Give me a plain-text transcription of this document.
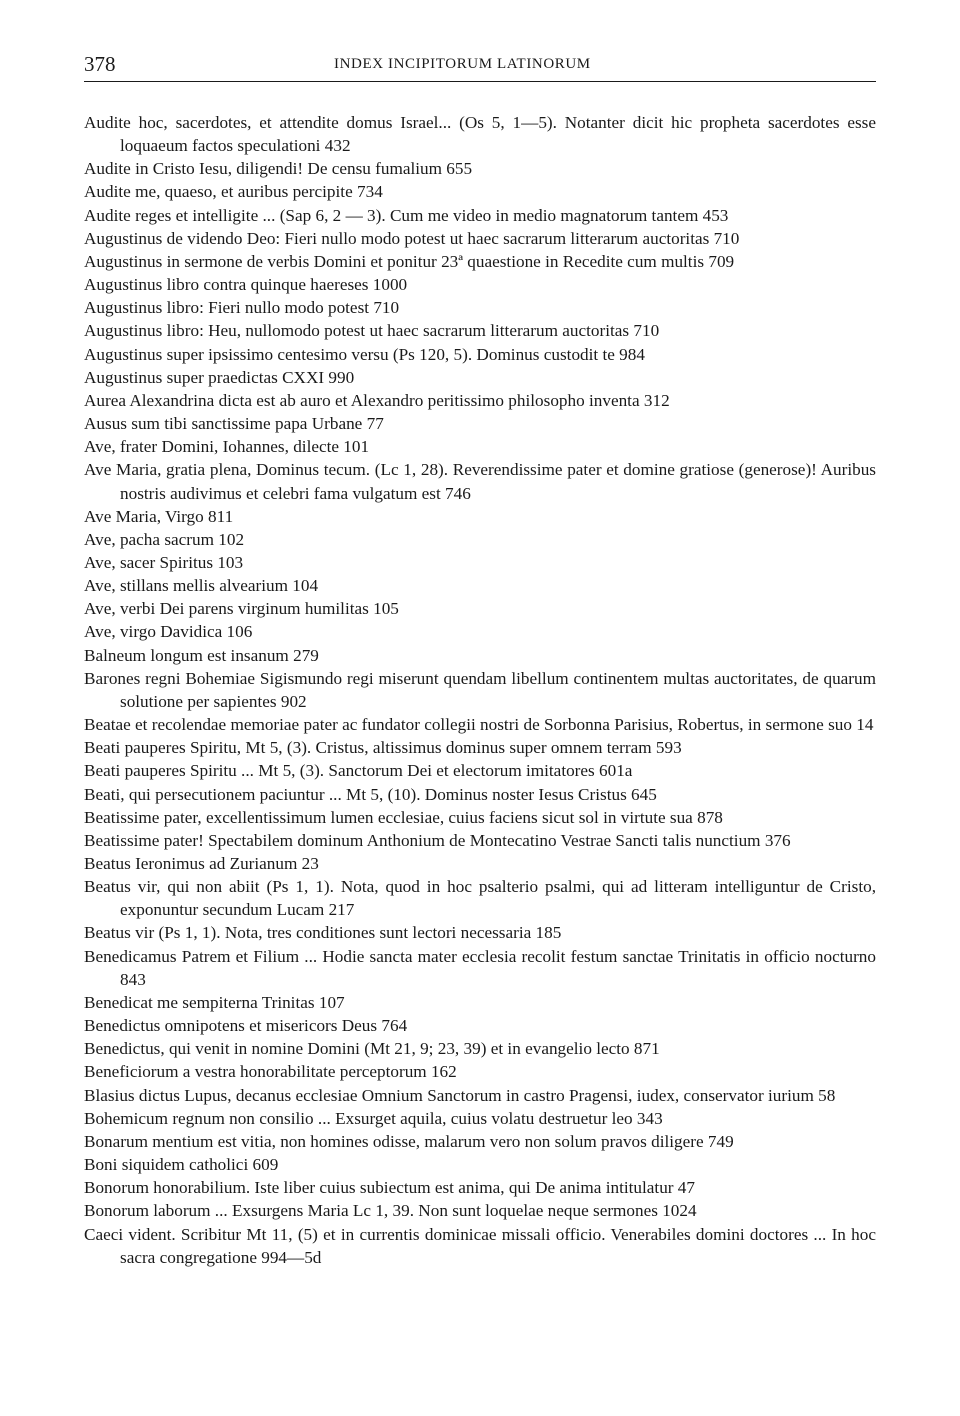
378	INDEX INCIPITORUM LATINORUM
Audite hoc, sacerdotes, et attendite domus Israel... (Os 5, 1—5). Notanter dicit hic propheta sacerdotes esse loquaeum factos speculationi 432
Audite in Cristo Iesu, diligendi! De censu fumalium 655
Audite me, quaeso, et auribus percipite 734
Audite reges et intelligite ... (Sap 6, 2 — 3). Cum me video in medio magnatorum tantem 453
Augustinus de videndo Deo: Fieri nullo modo potest ut haec sacrarum litterarum auctoritas 710
Augustinus in sermone de verbis Domini et ponitur 23ª quaestione in Recedite cum multis 709
Augustinus libro contra quinque haereses 1000
Augustinus libro: Fieri nullo modo potest 710
Augustinus libro: Heu, nullomodo potest ut haec sacrarum litterarum auctoritas 710
Augustinus super ipsissimo centesimo versu (Ps 120, 5). Dominus custodit te 984
Augustinus super praedictas CXXI 990
Aurea Alexandrina dicta est ab auro et Alexandro peritissimo philosopho inventa 312
Ausus sum tibi sanctissime papa Urbane 77
Ave, frater Domini, Iohannes, dilecte 101
Ave Maria, gratia plena, Dominus tecum. (Lc 1, 28). Reverendissime pater et domine gratiose (generose)! Auribus nostris audivimus et celebri fama vulgatum est 746
Ave Maria, Virgo 811
Ave, pacha sacrum 102
Ave, sacer Spiritus 103
Ave, stillans mellis alvearium 104
Ave, verbi Dei parens virginum humilitas 105
Ave, virgo Davidica 106
Balneum longum est insanum 279
Barones regni Bohemiae Sigismundo regi miserunt quendam libellum continentem multas auctoritates, de quarum solutione per sapientes 902
Beatae et recolendae memoriae pater ac fundator collegii nostri de Sorbonna Parisius, Robertus, in sermone suo 14
Beati pauperes Spiritu, Mt 5, (3). Cristus, altissimus dominus super omnem terram 593
Beati pauperes Spiritu ... Mt 5, (3). Sanctorum Dei et electorum imitatores 601a
Beati, qui persecutionem paciuntur ... Mt 5, (10). Dominus noster Iesus Cristus 645
Beatissime pater, excellentissimum lumen ecclesiae, cuius faciens sicut sol in virtute sua 878
Beatissime pater! Spectabilem dominum Anthonium de Montecatino Vestrae Sancti talis nunctium 376
Beatus Ieronimus ad Zurianum 23
Beatus vir, qui non abiit (Ps 1, 1). Nota, quod in hoc psalterio psalmi, qui ad litteram intelliguntur de Cristo, exponuntur secundum Lucam 217
Beatus vir (Ps 1, 1). Nota, tres conditiones sunt lectori necessaria 185
Benedicamus Patrem et Filium ... Hodie sancta mater ecclesia recolit festum sanctae Trinitatis in officio nocturno 843
Benedicat me sempiterna Trinitas 107
Benedictus omnipotens et misericors Deus 764
Benedictus, qui venit in nomine Domini (Mt 21, 9; 23, 39) et in evangelio lecto 871
Beneficiorum a vestra honorabilitate perceptorum 162
Blasius dictus Lupus, decanus ecclesiae Omnium Sanctorum in castro Pragensi, iudex, conservator iurium 58
Bohemicum regnum non consilio ... Exsurget aquila, cuius volatu destruetur leo 343
Bonarum mentium est vitia, non homines odisse, malarum vero non solum pravos diligere 749
Boni siquidem catholici 609
Bonorum honorabilium. Iste liber cuius subiectum est anima, qui De anima intitulatur 47
Bonorum laborum ... Exsurgens Maria Lc 1, 39. Non sunt loquelae neque sermones 1024
Caeci vident. Scribitur Mt 11, (5) et in currentis dominicae missali officio. Venerabiles domini doctores ... In hoc sacra congregatione 994—5d
